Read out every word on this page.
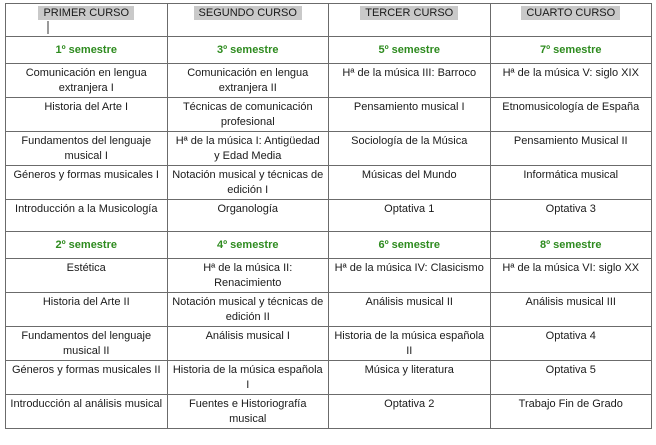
PRIMER CURSO	SEGUNDO CURSO	TERCER CURSO	CUARTO CURSO
1º semestre	3º semestre	5º semestre	7º semestre
Comunicación en lengua extranjera I	Comunicación en lengua extranjera II	Hª de la música III: Barroco	Hª de la música V: siglo XIX
Historia del Arte I	Técnicas de comunicación profesional	Pensamiento musical I	Etnomusicología de España
Fundamentos del lenguaje musical I	Hª de la música I: Antigüedad y Edad Media	Sociología de la Música	Pensamiento Musical II
Géneros y formas musicales I	Notación musical y técnicas de edición I	Músicas del Mundo	Informática musical
Introducción a la Musicología	Organología	Optativa 1	Optativa 3
2º semestre	4º semestre	6º semestre	8º semestre
Estética	Hª de la música II: Renacimiento	Hª de la música IV: Clasicismo	Hª de la música VI: siglo XX
Historia del Arte II	Notación musical y técnicas de edición II	Análisis musical II	Análisis musical III
Fundamentos del lenguaje musical II	Análisis musical I	Historia de la música española II	Optativa 4
Géneros y formas musicales II	Historia de la música española I	Música y literatura	Optativa 5
Introducción al análisis musical	Fuentes e Historiografía musical	Optativa 2	Trabajo Fin de Grado
